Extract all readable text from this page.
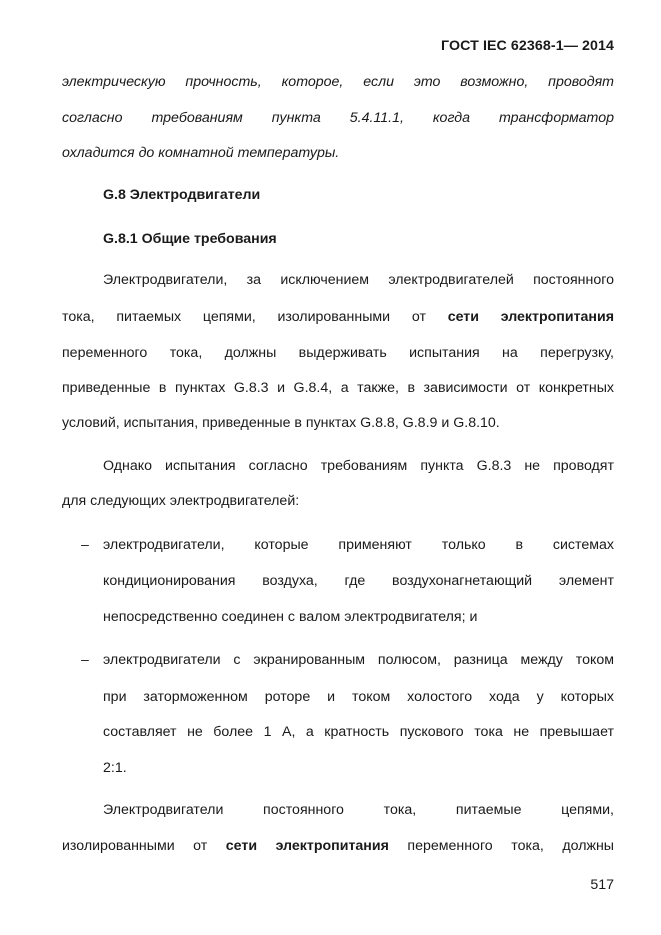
ГОСТ IEC 62368-1— 2014
электрическую прочность, которое, если это возможно, проводят
согласно требованиям пункта 5.4.11.1, когда трансформатор
охладится до комнатной температуры.
G.8 Электродвигатели
G.8.1 Общие требования
Электродвигатели, за исключением электродвигателей постоянного
тока, питаемых цепями, изолированными от сети электропитания
переменного тока, должны выдерживать испытания на перегрузку,
приведенные в пунктах G.8.3 и G.8.4, а также, в зависимости от конкретных
условий, испытания, приведенные в пунктах G.8.8, G.8.9 и G.8.10.
Однако испытания согласно требованиям пункта G.8.3 не проводят
для следующих электродвигателей:
– электродвигатели, которые применяют только в системах
кондиционирования воздуха, где воздухонагнетающий элемент
непосредственно соединен с валом электродвигателя; и
– электродвигатели с экранированным полюсом, разница между током
при заторможенном роторе и током холостого хода у которых
составляет не более 1 А, а кратность пускового тока не превышает
2:1.
Электродвигатели постоянного тока, питаемые цепями,
изолированными от сети электропитания переменного тока, должны
517
